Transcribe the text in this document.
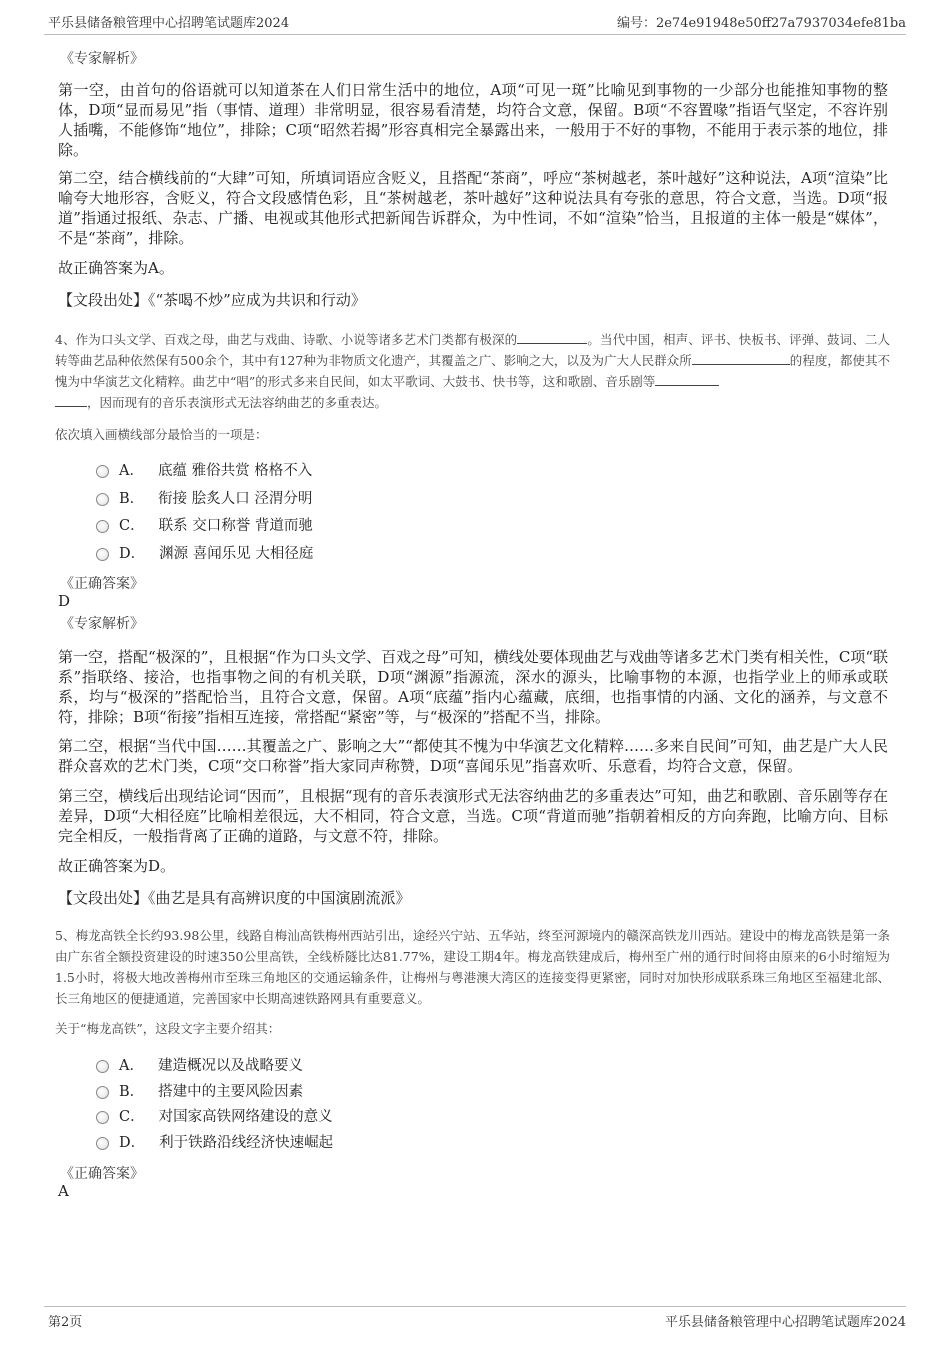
平乐县储备粮管理中心招聘笔试题库2024	编号：2e74e91948e50ff27a7937034efe81ba

《专家解析》

第一空，由首句的俗语就可以知道茶在人们日常生活中的地位，A项“可见一斑”比喻见到事物的一少部分也能推知事物的整体，D项“显而易见”指（事情、道理）非常明显，很容易看清楚，均符合文意，保留。B项“不容置喙”指语气坚定，不容许别人插嘴，不能修饰“地位”，排除；C项“昭然若揭”形容真相完全暴露出来，一般用于不好的事物，不能用于表示茶的地位，排除。

第二空，结合横线前的“大肆”可知，所填词语应含贬义，且搭配“茶商”，呼应“茶树越老，茶叶越好”这种说法，A项“渲染”比喻夸大地形容，含贬义，符合文段感情色彩，且“茶树越老，茶叶越好”这种说法具有夸张的意思，符合文意，当选。D项“报道”指通过报纸、杂志、广播、电视或其他形式把新闻告诉群众，为中性词，不如“渲染”恰当，且报道的主体一般是“媒体”，不是“茶商”，排除。

故正确答案为A。

【文段出处】《“茶喝不炒”应成为共识和行动》

4、作为口头文学、百戏之母，曲艺与戏曲、诗歌、小说等诸多艺术门类都有极深的	。当代中国，相声、评书、快板书、评弹、鼓词、二人转等曲艺品种依然保有500余个，其中有127种为非物质文化遗产，其覆盖之广、影响之大，以及为广大人民群众所	的程度，都使其不愧为中华演艺文化精粹。曲艺中“唱”的形式多来自民间，如太平歌词、大鼓书、快书等，这和歌剧、音乐剧等
，因而现有的音乐表演形式无法容纳曲艺的多重表达。

依次填入画横线部分最恰当的一项是：

A． 底蕴 雅俗共赏 格格不入
B． 衔接 脍炙人口 泾渭分明
C． 联系 交口称誉 背道而驰
D． 渊源 喜闻乐见 大相径庭

《正确答案》

D

《专家解析》

第一空，搭配“极深的”，且根据“作为口头文学、百戏之母”可知，横线处要体现曲艺与戏曲等诸多艺术门类有相关性，C项“联系”指联络、接洽，也指事物之间的有机关联，D项“渊源”指源流，深水的源头，比喻事物的本源，也指学业上的师承或联系，均与“极深的”搭配恰当，且符合文意，保留。A项“底蕴”指内心蕴藏，底细，也指事情的内涵、文化的涵养，与文意不符，排除；B项“衔接”指相互连接，常搭配“紧密”等，与“极深的”搭配不当，排除。

第二空，根据“当代中国……其覆盖之广、影响之大”“都使其不愧为中华演艺文化精粹……多来自民间”可知，曲艺是广大人民群众喜欢的艺术门类，C项“交口称誉”指大家同声称赞，D项“喜闻乐见”指喜欢听、乐意看，均符合文意，保留。

第三空，横线后出现结论词“因而”，且根据“现有的音乐表演形式无法容纳曲艺的多重表达”可知，曲艺和歌剧、音乐剧等存在差异，D项“大相径庭”比喻相差很远，大不相同，符合文意，当选。C项“背道而驰”指朝着相反的方向奔跑，比喻方向、目标完全相反，一般指背离了正确的道路，与文意不符，排除。

故正确答案为D。

【文段出处】《曲艺是具有高辨识度的中国演剧流派》

5、梅龙高铁全长约93.98公里，线路自梅汕高铁梅州西站引出，途经兴宁站、五华站，终至河源境内的赣深高铁龙川西站。建设中的梅龙高铁是第一条由广东省全额投资建设的时速350公里高铁，全线桥隧比达81.77%，建设工期4年。梅龙高铁建成后，梅州至广州的通行时间将由原来的6小时缩短为1.5小时，将极大地改善梅州市至珠三角地区的交通运输条件，让梅州与粤港澳大湾区的连接变得更紧密，同时对加快形成联系珠三角地区至福建北部、长三角地区的便捷通道，完善国家中长期高速铁路网具有重要意义。

关于“梅龙高铁”，这段文字主要介绍其：

A． 建造概况以及战略要义
B． 搭建中的主要风险因素
C． 对国家高铁网络建设的意义
D． 利于铁路沿线经济快速崛起

《正确答案》

A

第2页	平乐县储备粮管理中心招聘笔试题库2024
